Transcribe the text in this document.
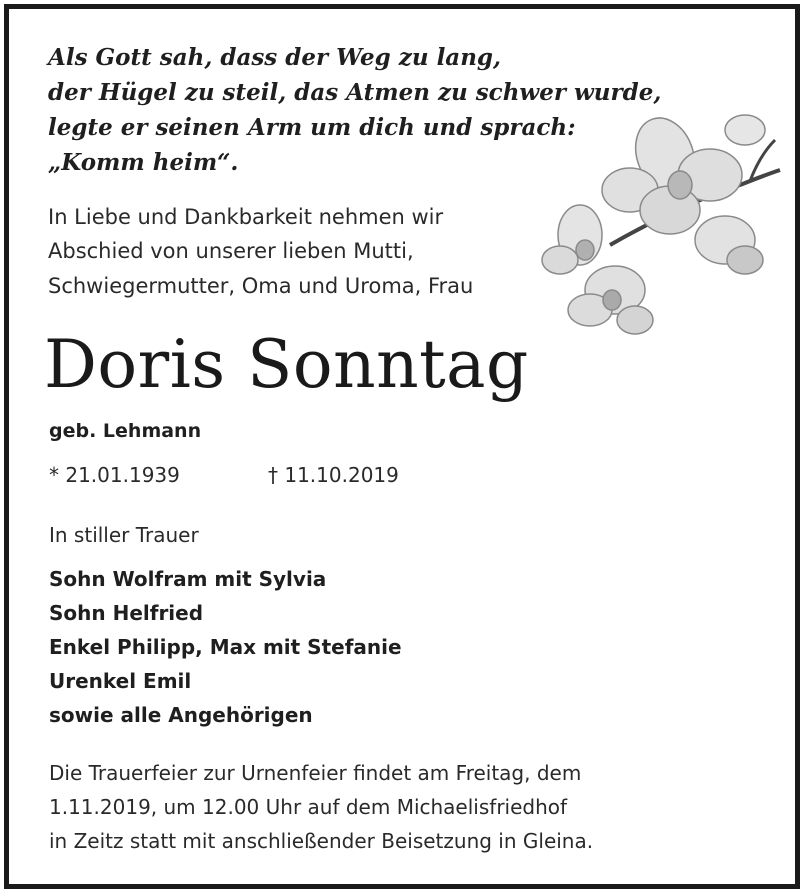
Als Gott sah, dass der Weg zu lang,
der Hügel zu steil, das Atmen zu schwer wurde,
legte er seinen Arm um dich und sprach:
„Komm heim“.
In Liebe und Dankbarkeit nehmen wir
Abschied von unserer lieben Mutti,
Schwiegermutter, Oma und Uroma, Frau
Doris Sonntag
geb. Lehmann
* 21.01.1939	† 11.10.2019
In stiller Trauer
Sohn Wolfram mit Sylvia
Sohn Helfried
Enkel Philipp, Max mit Stefanie
Urenkel Emil
sowie alle Angehörigen
Die Trauerfeier zur Urnenfeier findet am Freitag, dem
1.11.2019, um 12.00 Uhr auf dem Michaelisfriedhof
in Zeitz statt mit anschließender Beisetzung in Gleina.
